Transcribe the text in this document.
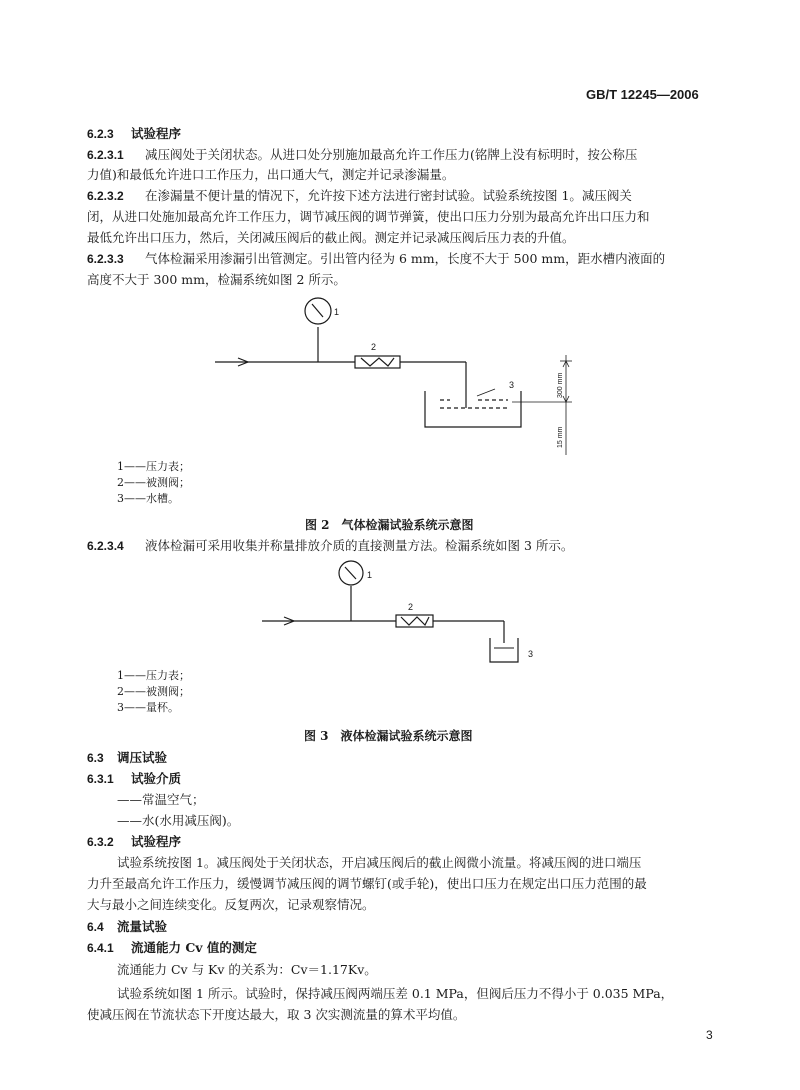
GB/T 12245—2006
6.2.3 试验程序
6.2.3.1 减压阀处于关闭状态。从进口处分别施加最高允许工作压力(铭牌上没有标明时，按公称压
力值)和最低允许进口工作压力，出口通大气，测定并记录渗漏量。
6.2.3.2 在渗漏量不便计量的情况下，允许按下述方法进行密封试验。试验系统按图 1。减压阀关
闭，从进口处施加最高允许工作压力，调节减压阀的调节弹簧，使出口压力分别为最高允许出口压力和
最低允许出口压力，然后，关闭减压阀后的截止阀。测定并记录减压阀后压力表的升值。
6.2.3.3 气体检漏采用渗漏引出管测定。引出管内径为 6 mm，长度不大于 500 mm，距水槽内液面的
高度不大于 300 mm，检漏系统如图 2 所示。
1
2
3	300 mm
15 mm
1——压力表；
2——被测阀；
3——水槽。
图 2　气体检漏试验系统示意图
6.2.3.4 液体检漏可采用收集并称量排放介质的直接测量方法。检漏系统如图 3 所示。
1
2
3
1——压力表；
2——被测阀；
3——量杯。
图 3　液体检漏试验系统示意图
6.3 调压试验
6.3.1 试验介质
——常温空气；
——水(水用减压阀)。
6.3.2 试验程序
试验系统按图 1。减压阀处于关闭状态，开启减压阀后的截止阀微小流量。将减压阀的进口端压
力升至最高允许工作压力，缓慢调节减压阀的调节螺钉(或手轮)，使出口压力在规定出口压力范围的最
大与最小之间连续变化。反复两次，记录观察情况。
6.4 流量试验
6.4.1 流通能力 Cv 值的测定
流通能力 Cv 与 Kv 的关系为：Cv＝1.17Kv。
试验系统如图 1 所示。试验时，保持减压阀两端压差 0.1 MPa，但阀后压力不得小于 0.035 MPa，
使减压阀在节流状态下开度达最大，取 3 次实测流量的算术平均值。
3
